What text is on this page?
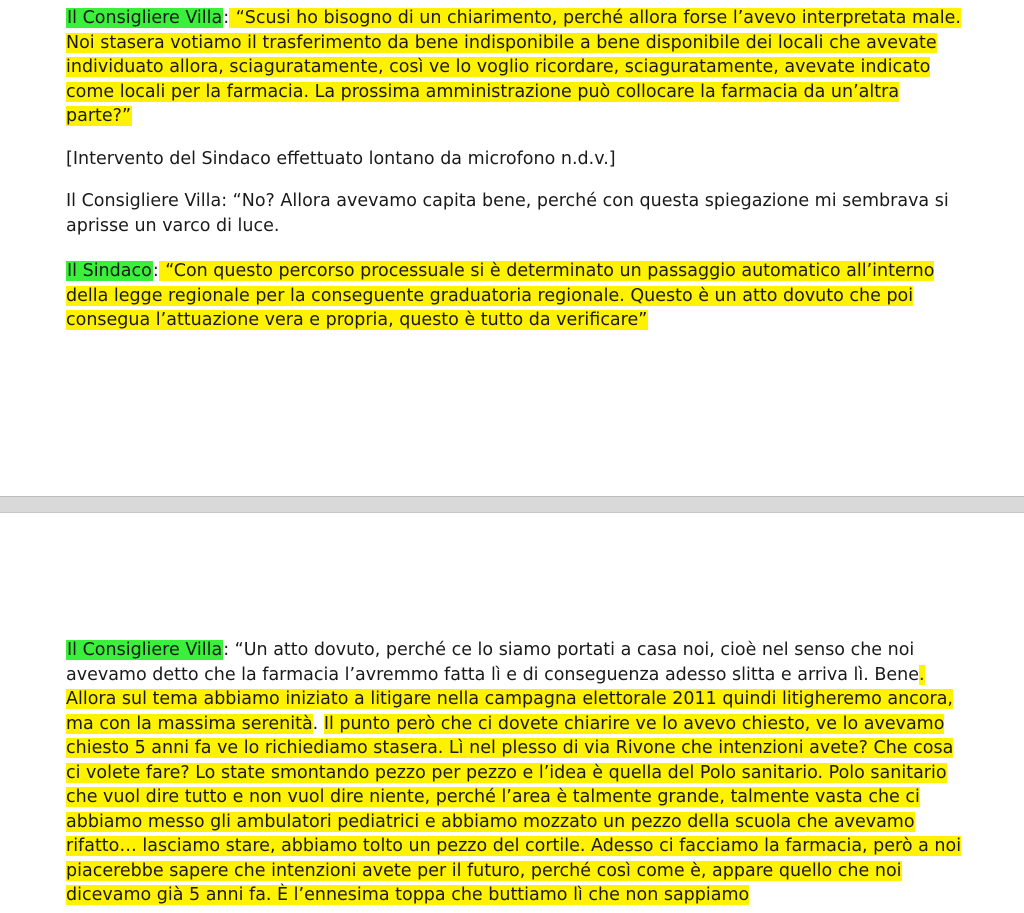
Il Consigliere Villa: “Scusi ho bisogno di un chiarimento, perché allora forse l’avevo interpretata male. Noi stasera votiamo il trasferimento da bene indisponibile a bene disponibile dei locali che avevate individuato allora, sciaguratamente, così ve lo voglio ricordare, sciaguratamente, avevate indicato come locali per la farmacia. La prossima amministrazione può collocare la farmacia da un’altra parte?”

[Intervento del Sindaco effettuato lontano da microfono n.d.v.]

Il Consigliere Villa: “No? Allora avevamo capita bene, perché con questa spiegazione mi sembrava si aprisse un varco di luce.

Il Sindaco: “Con questo percorso processuale si è determinato un passaggio automatico all’interno della legge regionale per la conseguente graduatoria regionale. Questo è un atto dovuto che poi consegua l’attuazione vera e propria, questo è tutto da verificare”

Il Consigliere Villa: “Un atto dovuto, perché ce lo siamo portati a casa noi, cioè nel senso che noi avevamo detto che la farmacia l’avremmo fatta lì e di conseguenza adesso slitta e arriva lì. Bene. Allora sul tema abbiamo iniziato a litigare nella campagna elettorale 2011 quindi litigheremo ancora, ma con la massima serenità. Il punto però che ci dovete chiarire ve lo avevo chiesto, ve lo avevamo chiesto 5 anni fa ve lo richiediamo stasera. Lì nel plesso di via Rivone che intenzioni avete? Che cosa ci volete fare? Lo state smontando pezzo per pezzo e l’idea è quella del Polo sanitario. Polo sanitario che vuol dire tutto e non vuol dire niente, perché l’area è talmente grande, talmente vasta che ci abbiamo messo gli ambulatori pediatrici e abbiamo mozzato un pezzo della scuola che avevamo rifatto… lasciamo stare, abbiamo tolto un pezzo del cortile. Adesso ci facciamo la farmacia, però a noi piacerebbe sapere che intenzioni avete per il futuro, perché così come è, appare quello che noi dicevamo già 5 anni fa. È l’ennesima toppa che buttiamo lì che non sappiamo
